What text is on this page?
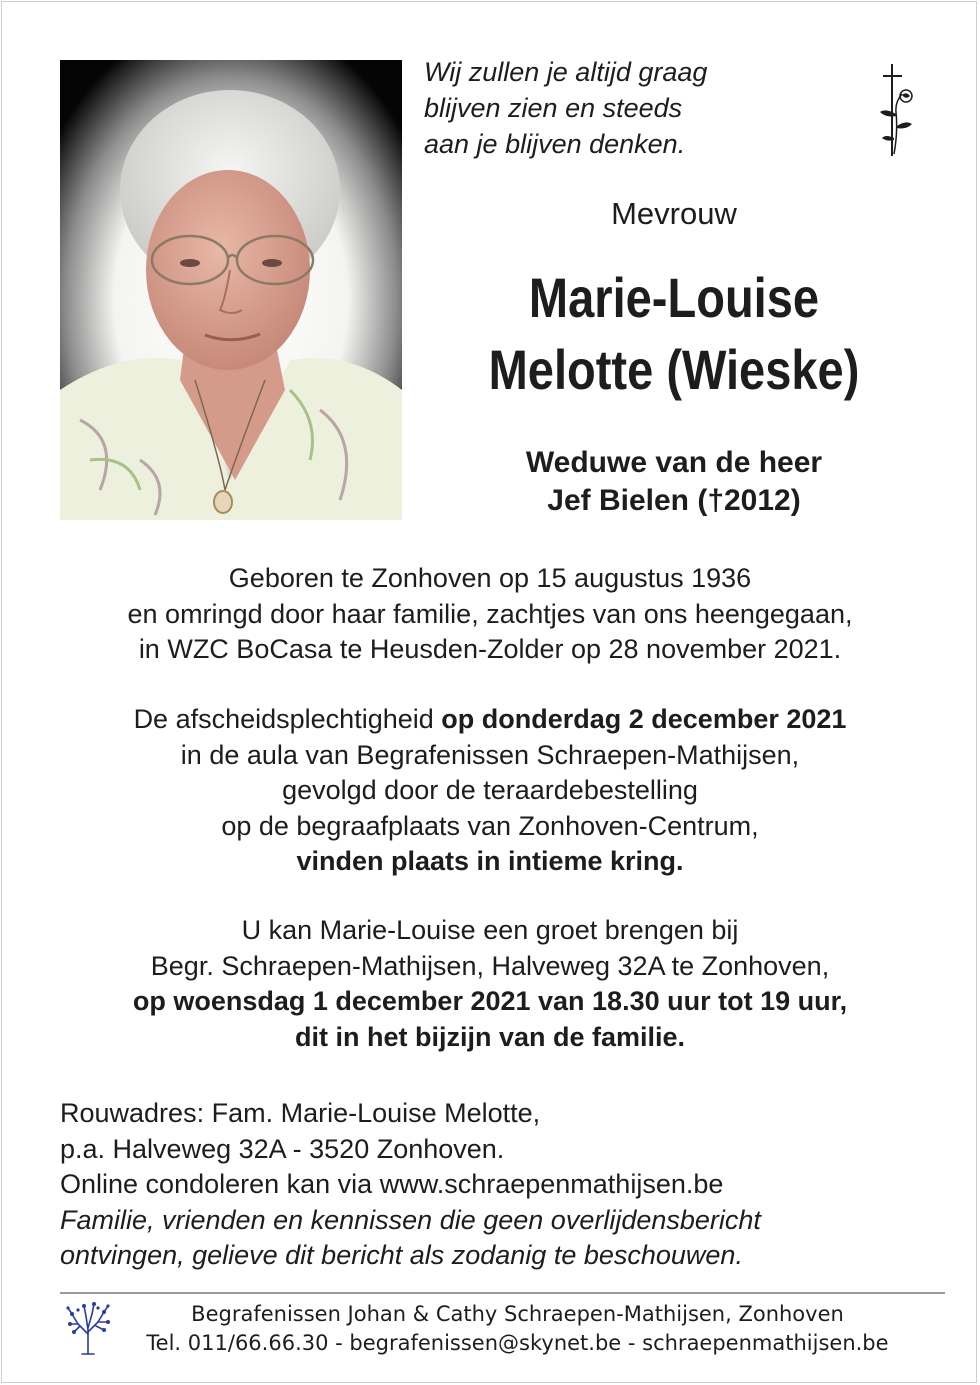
Wij zullen je altijd graag
blijven zien en steeds
aan je blijven denken.
Mevrouw
Marie-Louise
Melotte (Wieske)
Weduwe van de heer
Jef Bielen (†2012)
Geboren te Zonhoven op 15 augustus 1936
en omringd door haar familie, zachtjes van ons heengegaan,
in WZC BoCasa te Heusden-Zolder op 28 november 2021.
De afscheidsplechtigheid op donderdag 2 december 2021
in de aula van Begrafenissen Schraepen-Mathijsen,
gevolgd door de teraardebestelling
op de begraafplaats van Zonhoven-Centrum,
vinden plaats in intieme kring.
U kan Marie-Louise een groet brengen bij
Begr. Schraepen-Mathijsen, Halveweg 32A te Zonhoven,
op woensdag 1 december 2021 van 18.30 uur tot 19 uur,
dit in het bijzijn van de familie.
Rouwadres: Fam. Marie-Louise Melotte,
p.a. Halveweg 32A - 3520 Zonhoven.
Online condoleren kan via www.schraepenmathijsen.be
Familie, vrienden en kennissen die geen overlijdensbericht
ontvingen, gelieve dit bericht als zodanig te beschouwen.
Begrafenissen Johan & Cathy Schraepen-Mathijsen, Zonhoven
Tel. 011/66.66.30 - begrafenissen@skynet.be - schraepenmathijsen.be
